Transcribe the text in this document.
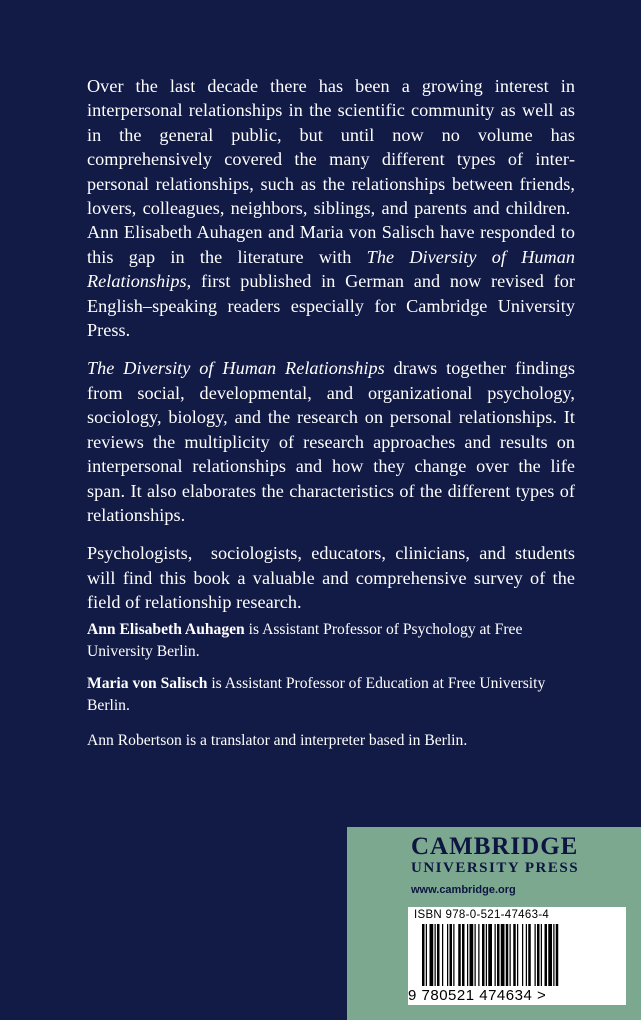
Over the last decade there has been a growing interest in interpersonal relationships in the scientific community as well as in the general public, but until now no volume has comprehensively covered the many different types of interpersonal relationships, such as the relationships between friends, lovers, colleagues, neighbors, siblings, and parents and children.  Ann Elisabeth Auhagen and Maria von Salisch have responded to this gap in the literature with The Diversity of Human Relationships, first published in German and now revised for English–speaking readers especially for Cambridge University Press.

The Diversity of Human Relationships draws together findings from social, developmental, and organizational psychology, sociology, biology, and the research on personal relationships. It reviews the multiplicity of research approaches and results on interpersonal relationships and how they change over the life span. It also elaborates the characteristics of the different types of relationships.

Psychologists,  sociologists, educators, clinicians, and students will find this book a valuable and comprehensive survey of the field of relationship research.

Ann Elisabeth Auhagen is Assistant Professor of Psychology at Free University Berlin.

Maria von Salisch is Assistant Professor of Education at Free University Berlin.

Ann Robertson is a translator and interpreter based in Berlin.
CAMBRIDGE
UNIVERSITY PRESS
www.cambridge.org
ISBN 978-0-521-47463-4
9 780521 474634 >
